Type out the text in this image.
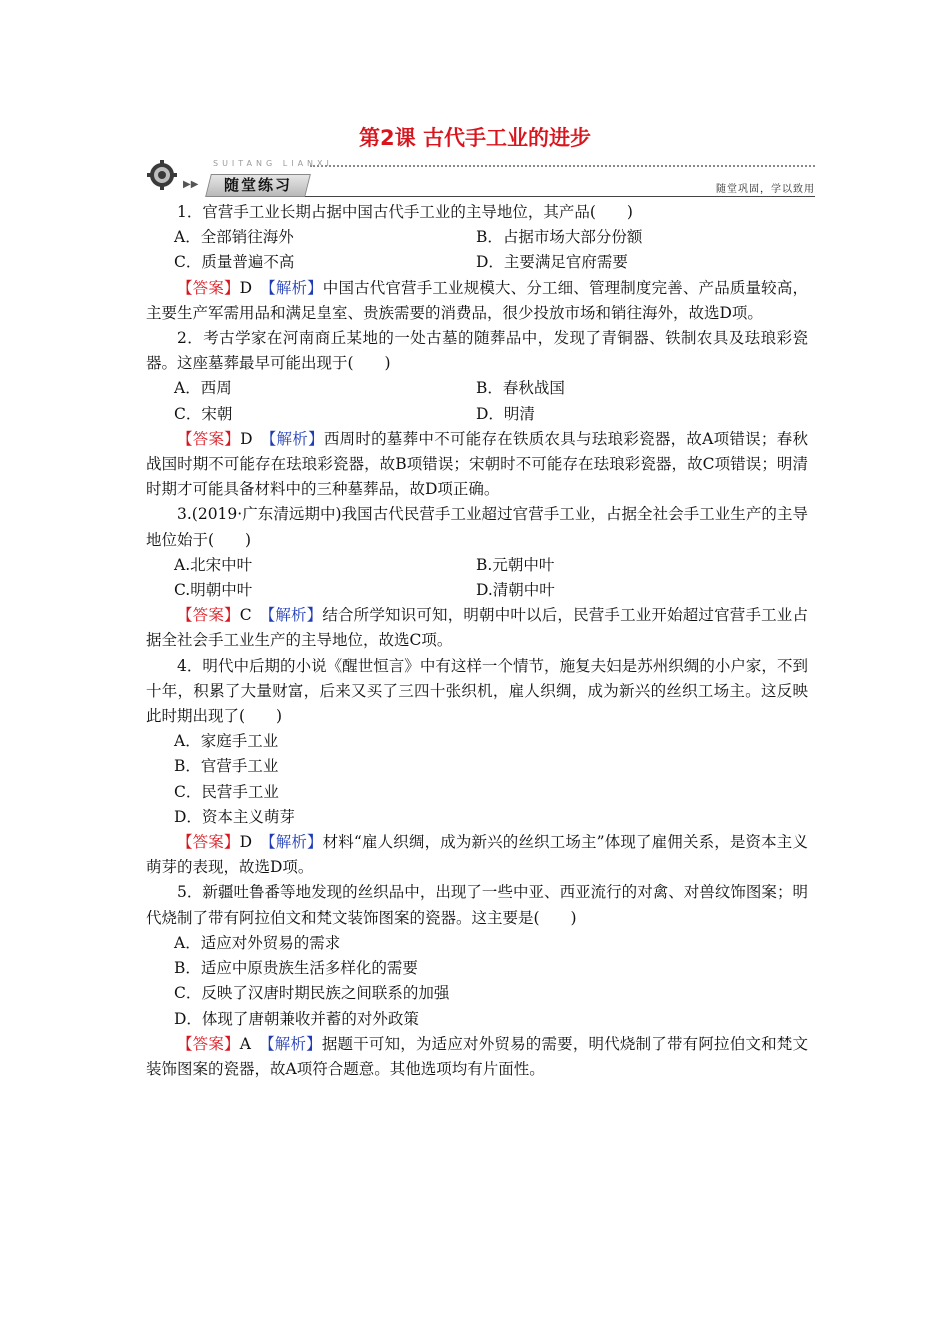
第2课 古代手工业的进步
SUITANG LIANXI
▶▶	随堂练习	随堂巩固，学以致用

1．官营手工业长期占据中国古代手工业的主导地位，其产品(　　)

A．全部销往海外	B．占据市场大部分份额
C．质量普遍不高	D．主要满足官府需要

【答案】D　 【解析】中国古代官营手工业规模大、分工细、管理制度完善、产品质量较高，主要生产军需用品和满足皇室、贵族需要的消费品，很少投放市场和销往海外，故选D项。

2．考古学家在河南商丘某地的一处古墓的随葬品中，发现了青铜器、铁制农具及珐琅彩瓷器。这座墓葬最早可能出现于(　　)

A．西周	B．春秋战国
C．宋朝	D．明清

【答案】D　 【解析】西周时的墓葬中不可能存在铁质农具与珐琅彩瓷器，故A项错误；春秋战国时期不可能存在珐琅彩瓷器，故B项错误；宋朝时不可能存在珐琅彩瓷器，故C项错误；明清时期才可能具备材料中的三种墓葬品，故D项正确。

3.(2019·广东清远期中)我国古代民营手工业超过官营手工业，占据全社会手工业生产的主导地位始于(　　)

A.北宋中叶	B.元朝中叶
C.明朝中叶	D.清朝中叶

【答案】C　 【解析】结合所学知识可知，明朝中叶以后，民营手工业开始超过官营手工业占据全社会手工业生产的主导地位，故选C项。

4．明代中后期的小说《醒世恒言》中有这样一个情节，施复夫妇是苏州织绸的小户家，不到十年，积累了大量财富，后来又买了三四十张织机，雇人织绸，成为新兴的丝织工场主。这反映此时期出现了(　　)

A．家庭手工业

B．官营手工业

C．民营手工业

D．资本主义萌芽

【答案】D　 【解析】材料“雇人织绸，成为新兴的丝织工场主”体现了雇佣关系，是资本主义萌芽的表现，故选D项。

5．新疆吐鲁番等地发现的丝织品中，出现了一些中亚、西亚流行的对禽、对兽纹饰图案；明代烧制了带有阿拉伯文和梵文装饰图案的瓷器。这主要是(　　)

A．适应对外贸易的需求

B．适应中原贵族生活多样化的需要

C．反映了汉唐时期民族之间联系的加强

D．体现了唐朝兼收并蓄的对外政策

【答案】A　 【解析】据题干可知，为适应对外贸易的需要，明代烧制了带有阿拉伯文和梵文装饰图案的瓷器，故A项符合题意。其他选项均有片面性。
